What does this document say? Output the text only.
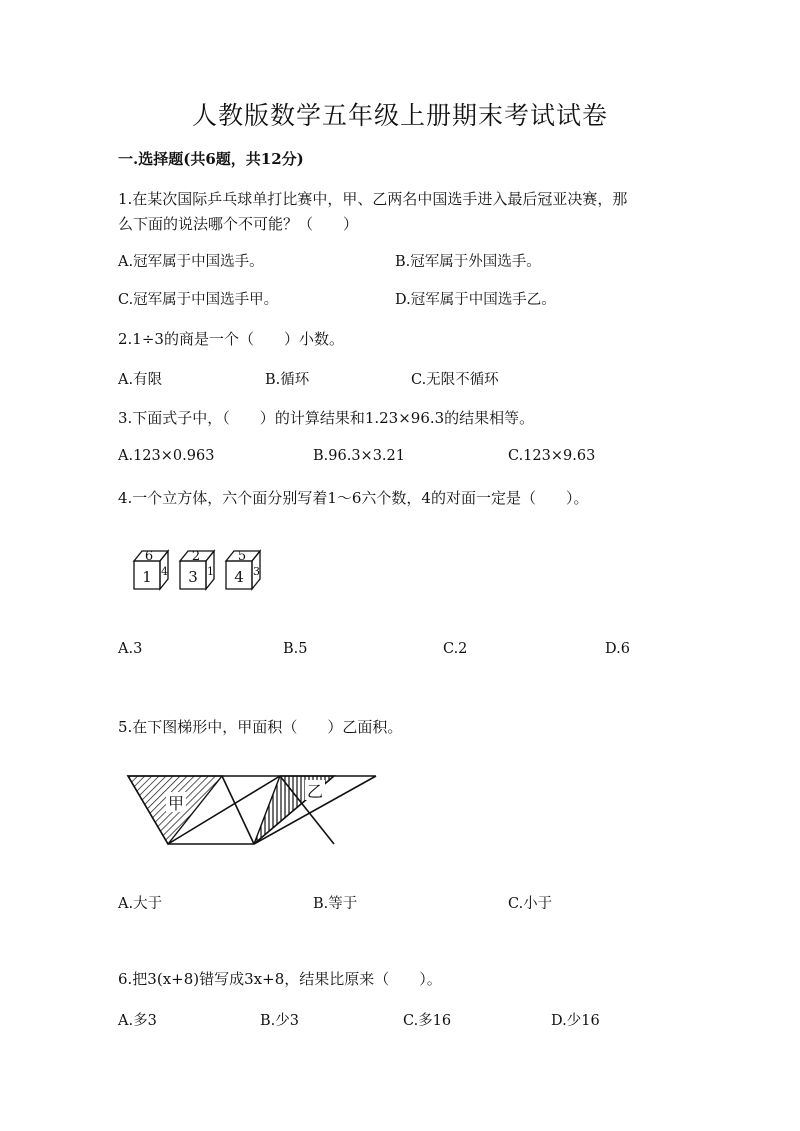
人教版数学五年级上册期末考试试卷
一.选择题(共6题，共12分)
1.在某次国际乒乓球单打比赛中，甲、乙两名中国选手进入最后冠亚决赛，那
么下面的说法哪个不可能？（　　）
A.冠军属于中国选手。	B.冠军属于外国选手。
C.冠军属于中国选手甲。	D.冠军属于中国选手乙。
2.1÷3的商是一个（　　）小数。
A.有限	B.循环	C.无限不循环
3.下面式子中，（　　）的计算结果和1.23×96.3的结果相等。
A.123×0.963	B.96.3×3.21	C.123×9.63
4.一个立方体，六个面分别写着1～6六个数，4的对面一定是（　　）。
6
1 4
2
3 1
5
4 3
A.3	B.5	C.2	D.6
5.在下图梯形中，甲面积（　　）乙面积。
甲
乙
A.大于	B.等于	C.小于
6.把3(x+8)错写成3x+8，结果比原来（　　）。
A.多3	B.少3	C.多16	D.少16
